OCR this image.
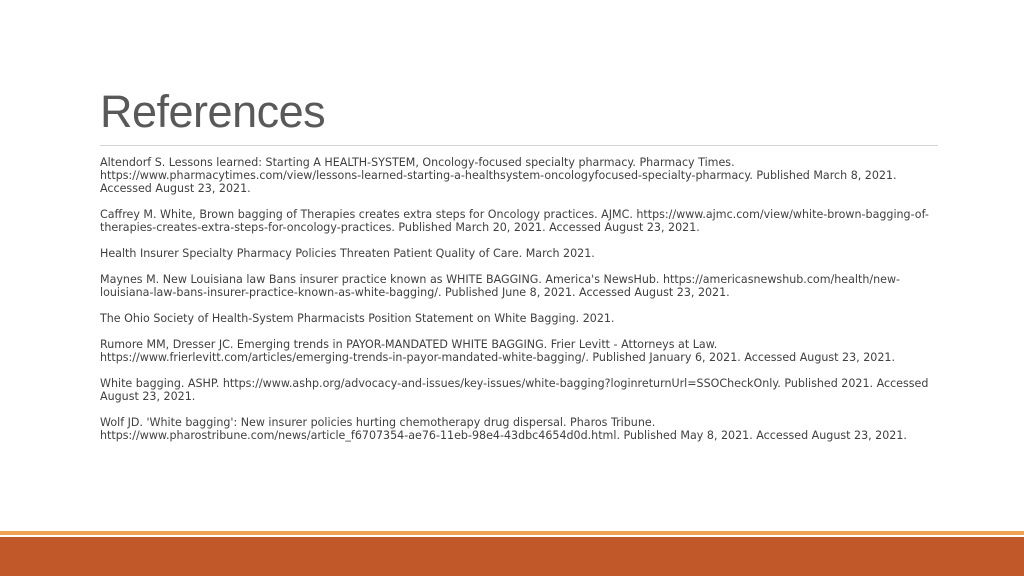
References

Altendorf S. Lessons learned: Starting A HEALTH-SYSTEM, Oncology-focused specialty pharmacy. Pharmacy Times. https://www.pharmacytimes.com/view/lessons-learned-starting-a-healthsystem-oncologyfocused-specialty-pharmacy. Published March 8, 2021. Accessed August 23, 2021.

Caffrey M. White, Brown bagging of Therapies creates extra steps for Oncology practices. AJMC. https://www.ajmc.com/view/white-brown-bagging-of-therapies-creates-extra-steps-for-oncology-practices. Published March 20, 2021. Accessed August 23, 2021.

Health Insurer Specialty Pharmacy Policies Threaten Patient Quality of Care. March 2021.

Maynes M. New Louisiana law Bans insurer practice known as WHITE BAGGING. America's NewsHub. https://americasnewshub.com/health/new-louisiana-law-bans-insurer-practice-known-as-white-bagging/. Published June 8, 2021. Accessed August 23, 2021.

The Ohio Society of Health-System Pharmacists Position Statement on White Bagging. 2021.

Rumore MM, Dresser JC. Emerging trends in PAYOR-MANDATED WHITE BAGGING. Frier Levitt - Attorneys at Law. https://www.frierlevitt.com/articles/emerging-trends-in-payor-mandated-white-bagging/. Published January 6, 2021. Accessed August 23, 2021.

White bagging. ASHP. https://www.ashp.org/advocacy-and-issues/key-issues/white-bagging?loginreturnUrl=SSOCheckOnly. Published 2021. Accessed August 23, 2021.

Wolf JD. 'White bagging': New insurer policies hurting chemotherapy drug dispersal. Pharos Tribune. https://www.pharostribune.com/news/article_f6707354-ae76-11eb-98e4-43dbc4654d0d.html. Published May 8, 2021. Accessed August 23, 2021.
